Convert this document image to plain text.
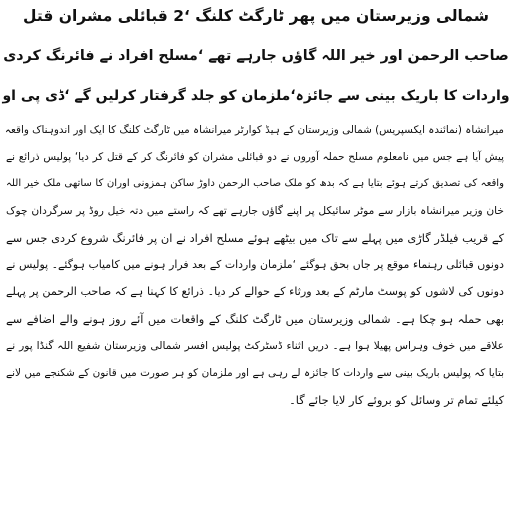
شمالی وزیرستان میں پھر ٹارگٹ کلنگ ‘2 قبائلی مشران قتل
صاحب الرحمن اور خیر اللہ گاؤں جارہے تھے ‘مسلح افراد نے فائرنگ کردی
واردات کا باریک بینی سے جائزہ‘ملزمان کو جلد گرفتار کرلیں گے ‘ڈی پی او
میرانشاہ (نمائندہ ایکسپریس) شمالی وزیرستان کے ہیڈ کوارٹر میرانشاہ میں ٹارگٹ کلنگ کا ایک اور اندوہناک واقعہ
پیش آیا ہے جس میں نامعلوم مسلح حملہ آوروں نے دو قبائلی مشران کو فائرنگ کر کے قتل کر دیا‘ پولیس ذرائع نے
واقعہ کی تصدیق کرتے ہوئے بتایا ہے کہ بدھ کو ملک صاحب الرحمن داوڑ ساکن ہمزونی اوران کا ساتھی ملک خیر اللہ
خان وزیر میرانشاہ بازار سے موٹر سائیکل پر اپنے گاؤں جارہے تھے کہ راستے میں دتہ خیل روڈ پر سرگردان چوک
کے قریب فیلڈر گاڑی میں پہلے سے تاک میں بیٹھے ہوئے مسلح افراد نے ان پر فائرنگ شروع کردی جس سے
دونوں قبائلی رہنماء موقع پر جاں بحق ہوگئے ‘ملزمان واردات کے بعد فرار ہونے میں کامیاب ہوگئے۔ پولیس نے
دونوں کی لاشوں کو پوسٹ مارٹم کے بعد ورثاء کے حوالے کر دیا۔ ذرائع کا کہنا ہے کہ صاحب الرحمن پر پہلے
بھی حملہ ہو چکا ہے۔ شمالی وزیرستان میں ٹارگٹ کلنگ کے واقعات میں آئے روز ہونے والے اضافے سے
علاقے میں خوف وہراس پھیلا ہوا ہے۔ دریں اثناء ڈسٹرکٹ پولیس افسر شمالی وزیرستان شفیع اللہ گنڈا پور نے
بتایا کہ پولیس باریک بینی سے واردات کا جائزہ لے رہی ہے اور ملزمان کو ہر صورت میں قانون کے شکنجے میں لانے
کیلئے تمام تر وسائل کو بروئے کار لایا جائے گا۔
